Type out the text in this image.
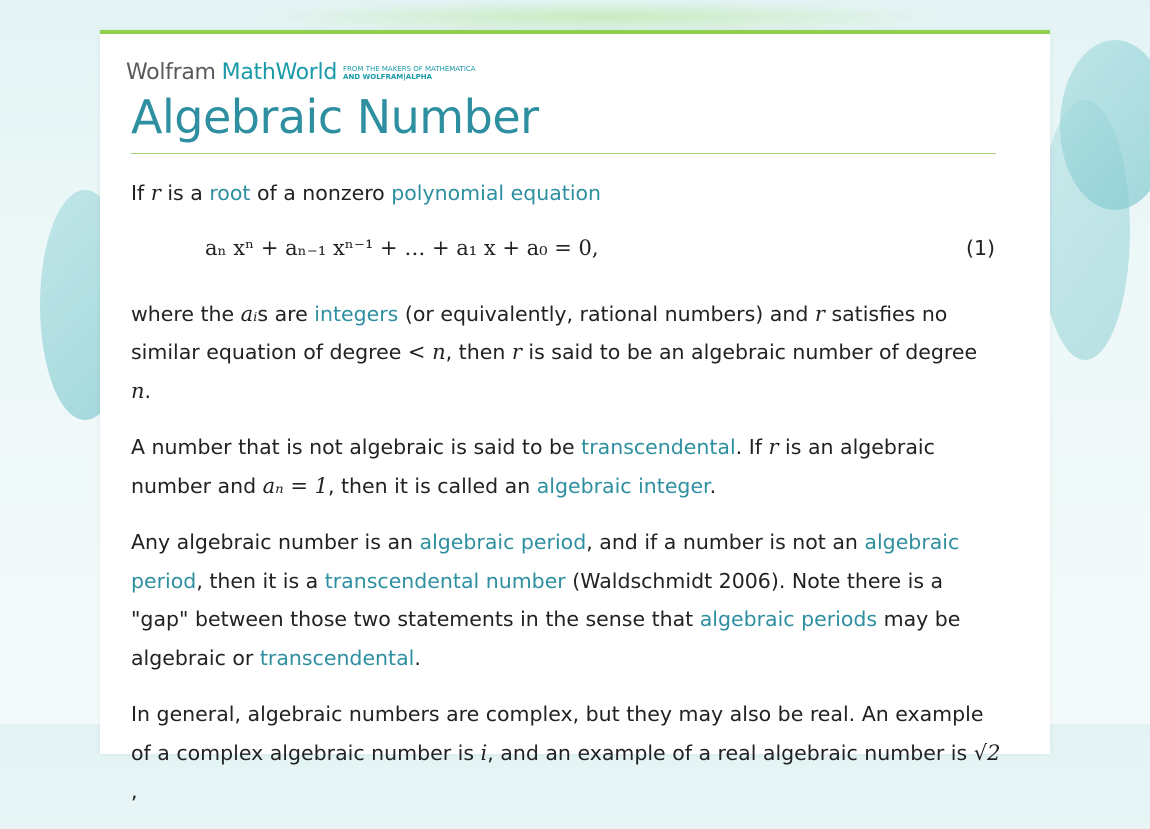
Wolfram MathWorld FROM THE MAKERS OF MATHEMATICA
AND WOLFRAM|ALPHA
Algebraic Number

If r is a root of a nonzero polynomial equation

aₙ xⁿ + aₙ₋₁ xⁿ⁻¹ + … + a₁ x + a₀ = 0,	(1)

where the aᵢs are integers (or equivalently, rational numbers) and r satisfies no similar equation of degree < n, then r is said to be an algebraic number of degree n.

A number that is not algebraic is said to be transcendental. If r is an algebraic number and aₙ = 1, then it is called an algebraic integer.

Any algebraic number is an algebraic period, and if a number is not an algebraic period, then it is a transcendental number (Waldschmidt 2006). Note there is a "gap" between those two statements in the sense that algebraic periods may be algebraic or transcendental.

In general, algebraic numbers are complex, but they may also be real. An example of a complex algebraic number is i, and an example of a real algebraic number is √2 ,
